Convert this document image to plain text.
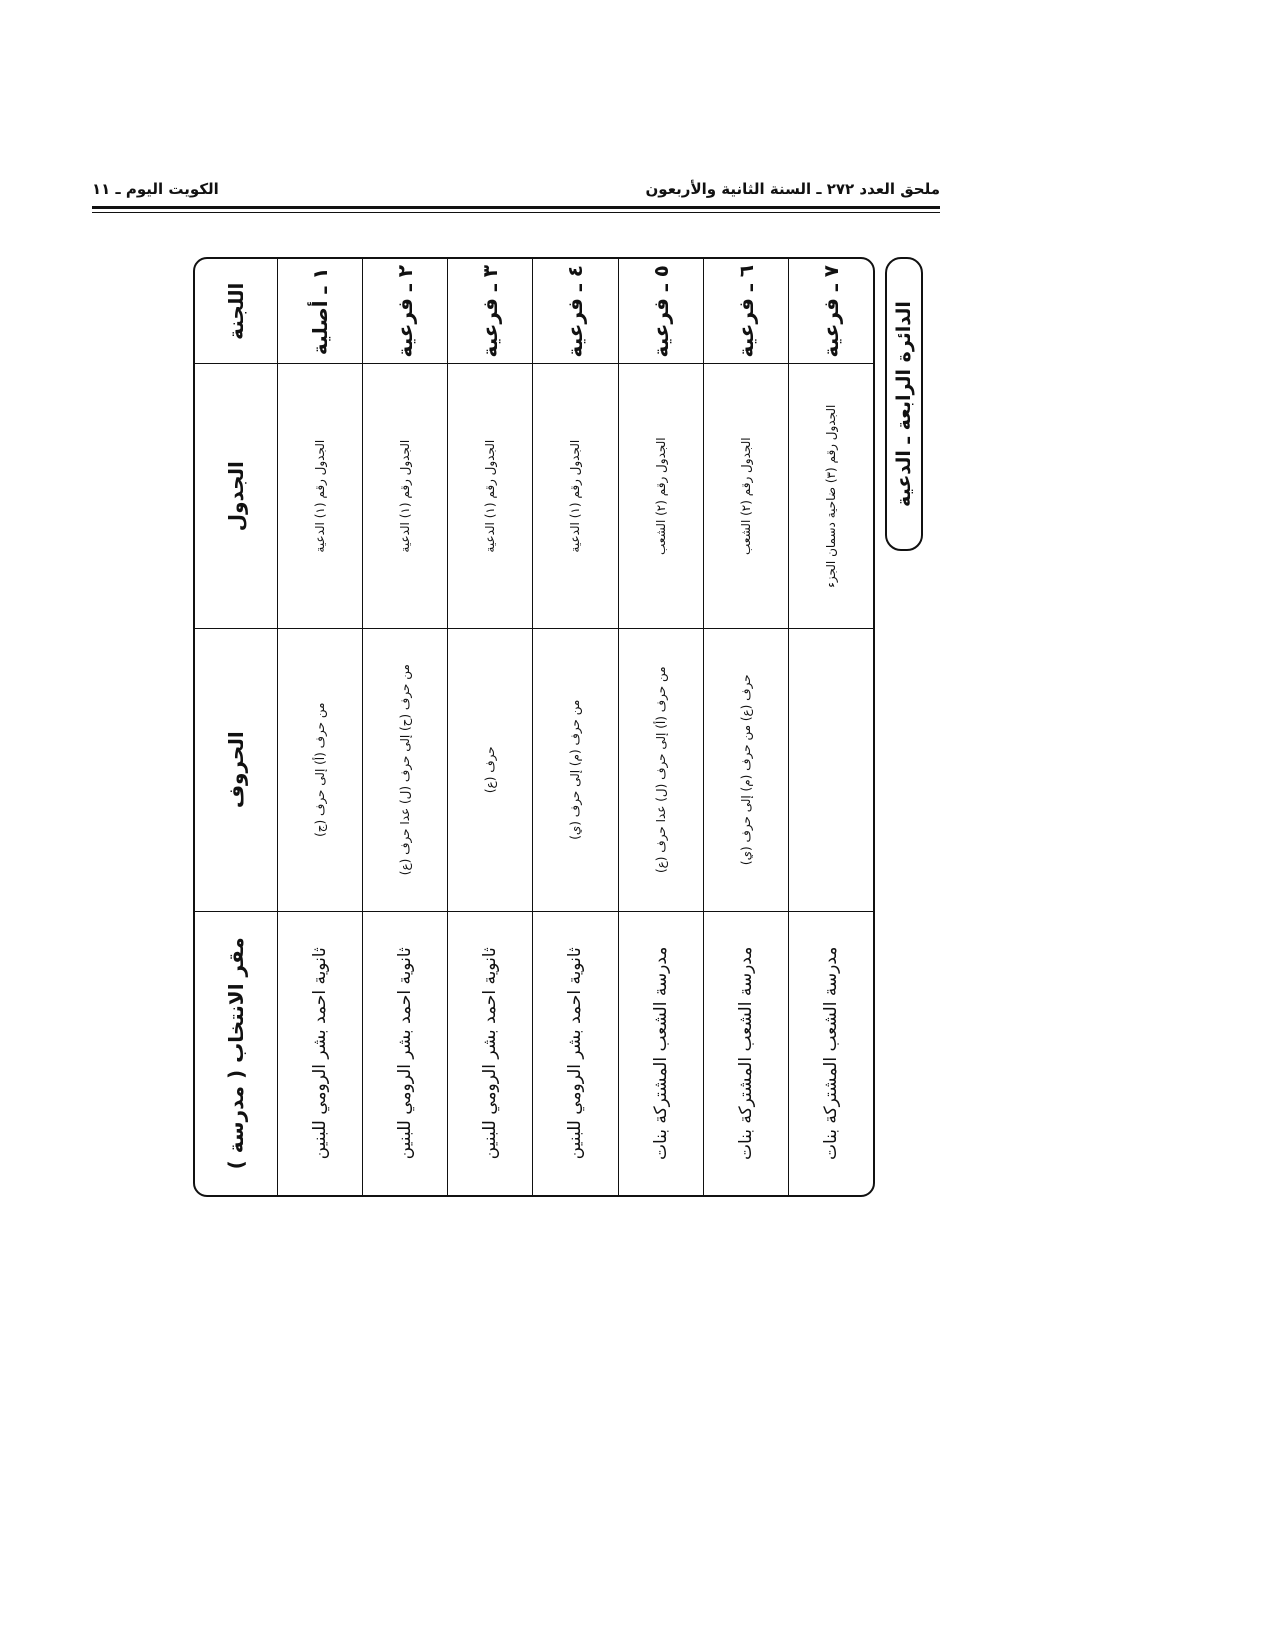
ملحق العدد ٢٧٢ ـ السنة الثانية والأربعون
الكويت اليوم ـ ١١
اللجنة	الجدول	الحروف	مقر الانتخاب ( مدرسة )
١ ـ أصلية	الجدول رقم (١) الدعية	من حرف (أ) إلى حرف (ج)	ثانوية احمد بشر الرومي للبنين
٢ ـ فرعية	الجدول رقم (١) الدعية	من حرف (ح) إلى حرف (ل) عدا حرف (ع)	ثانوية احمد بشر الرومي للبنين
٣ ـ فرعية	الجدول رقم (١) الدعية	حرف (ع)	ثانوية احمد بشر الرومي للبنين
٤ ـ فرعية	الجدول رقم (١) الدعية	من حرف (م) إلى حرف (ي)	ثانوية احمد بشر الرومي للبنين
٥ ـ فرعية	الجدول رقم (٢) الشعب	من حرف (أ) إلى حرف (ل) عدا حرف (ع)	مدرسة الشعب المشتركة بنات
٦ ـ فرعية	الجدول رقم (٢) الشعب	حرف (ع) من حرف (م) إلى حرف (ي)	مدرسة الشعب المشتركة بنات
٧ ـ فرعية	الجدول رقم (٣) ضاحية دسمان الجزء		مدرسة الشعب المشتركة بنات
الدائرة الرابعة ـ الدعية
